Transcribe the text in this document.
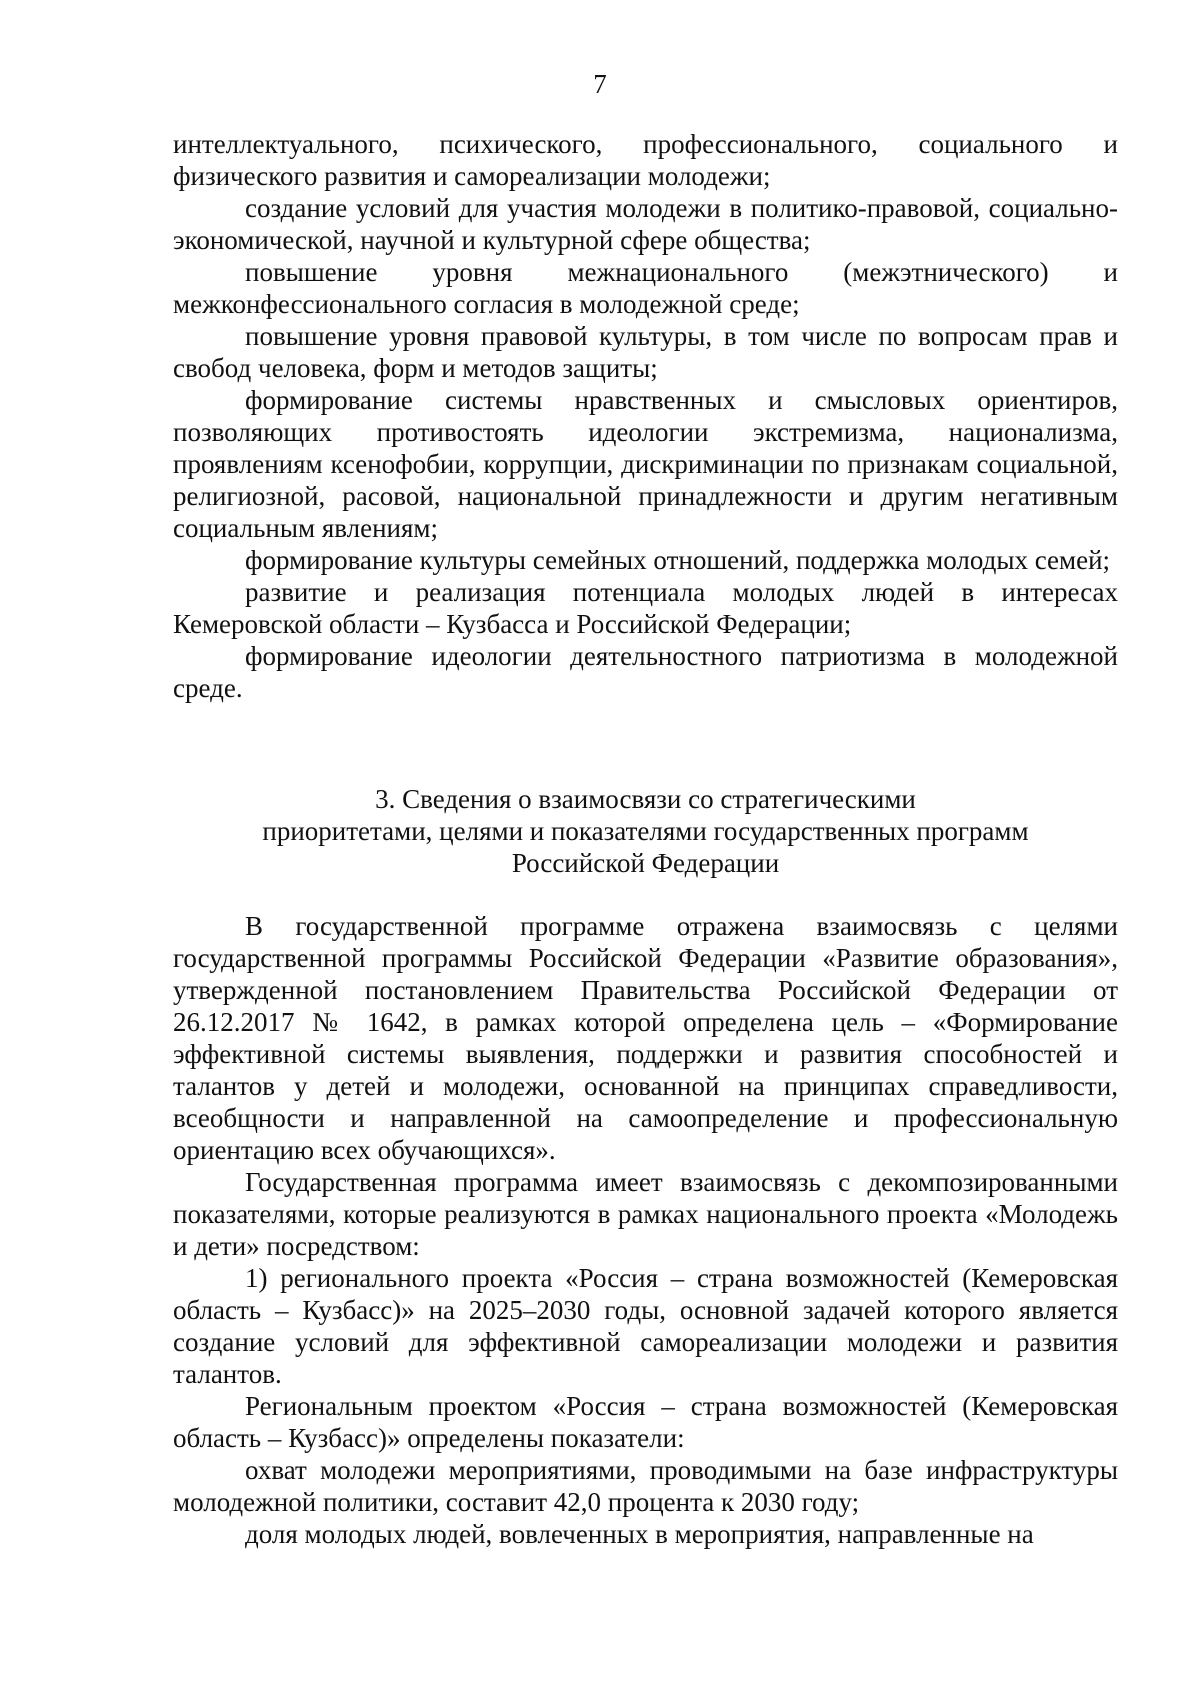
7

интеллектуального, психического, профессионального, социального и физического развития и самореализации молодежи;

создание условий для участия молодежи в политико-правовой, социально-экономической, научной и культурной сфере общества;

повышение уровня межнационального (межэтнического) и межконфессионального согласия в молодежной среде;

повышение уровня правовой культуры, в том числе по вопросам прав и свобод человека, форм и методов защиты;

формирование системы нравственных и смысловых ориентиров, позволяющих противостоять идеологии экстремизма, национализма, проявлениям ксенофобии, коррупции, дискриминации по признакам социальной, религиозной, расовой, национальной принадлежности и другим негативным социальным явлениям;

формирование культуры семейных отношений, поддержка молодых семей;

развитие и реализация потенциала молодых людей в интересах Кемеровской области – Кузбасса и Российской Федерации;

формирование идеологии деятельностного патриотизма в молодежной среде.

3. Сведения о взаимосвязи со стратегическими

приоритетами, целями и показателями государственных программ

Российской Федерации

В государственной программе отражена взаимосвязь с целями государственной программы Российской Федерации «Развитие образования», утвержденной постановлением Правительства Российской Федерации от 26.12.2017 № 1642, в рамках которой определена цель – «Формирование эффективной системы выявления, поддержки и развития способностей и талантов у детей и молодежи, основанной на принципах справедливости, всеобщности и направленной на самоопределение и профессиональную ориентацию всех обучающихся».

Государственная программа имеет взаимосвязь с декомпозированными показателями, которые реализуются в рамках национального проекта «Молодежь и дети» посредством:

1) регионального проекта «Россия – страна возможностей (Кемеровская область – Кузбасс)» на 2025–2030 годы, основной задачей которого является создание условий для эффективной самореализации молодежи и развития талантов.

Региональным проектом «Россия – страна возможностей (Кемеровская область – Кузбасс)» определены показатели:

охват молодежи мероприятиями, проводимыми на базе инфраструктуры молодежной политики, составит 42,0 процента к 2030 году;

доля молодых людей, вовлеченных в мероприятия, направленные на
